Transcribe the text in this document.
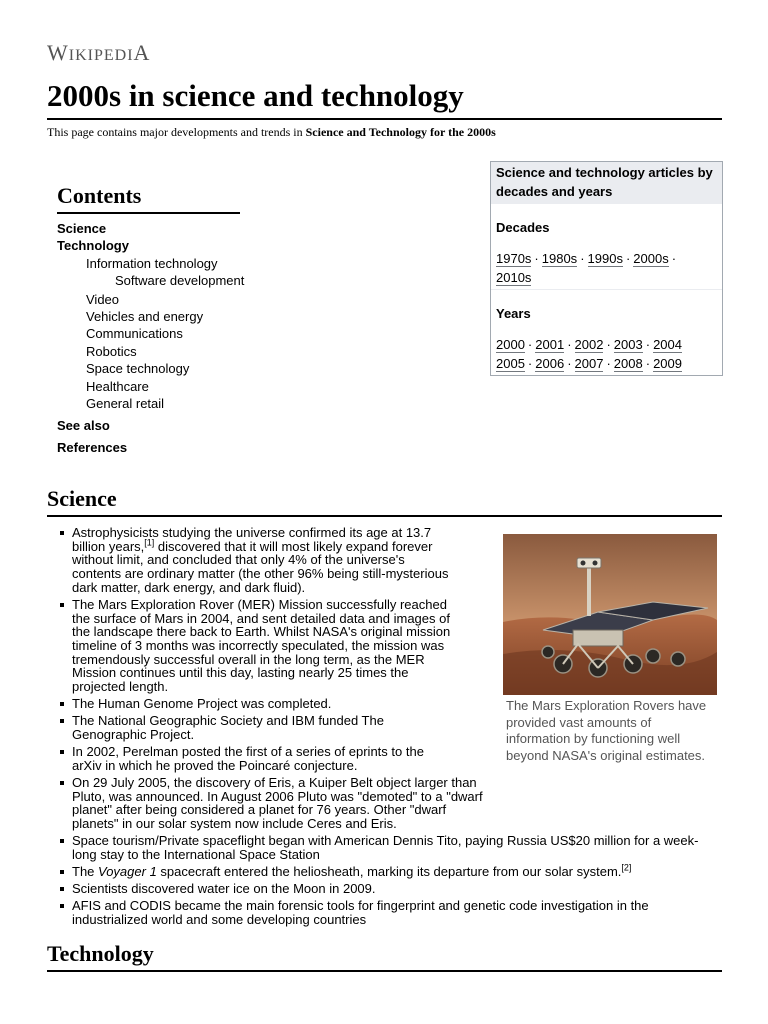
WIKIPEDIA
2000s in science and technology
This page contains major developments and trends in Science and Technology for the 2000s
Contents
Science
Technology
Information technology
Software development
Video
Vehicles and energy
Communications
Robotics
Space technology
Healthcare
General retail
See also
References
Science and technology articles by decades and years
Decades
1970s · 1980s · 1990s · 2000s ·
2010s
Years
2000 · 2001 · 2002 · 2003 · 2004
2005 · 2006 · 2007 · 2008 · 2009
Science
The Mars Exploration Rovers have provided vast amounts of information by functioning well beyond NASA's original estimates.
Astrophysicists studying the universe confirmed its age at 13.7 billion years,[1] discovered that it will most likely expand forever without limit, and concluded that only 4% of the universe's contents are ordinary matter (the other 96% being still-mysterious dark matter, dark energy, and dark fluid).
The Mars Exploration Rover (MER) Mission successfully reached the surface of Mars in 2004, and sent detailed data and images of the landscape there back to Earth. Whilst NASA's original mission timeline of 3 months was incorrectly speculated, the mission was tremendously successful overall in the long term, as the MER Mission continues until this day, lasting nearly 25 times the projected length.
The Human Genome Project was completed.
The National Geographic Society and IBM funded The Genographic Project.
In 2002, Perelman posted the first of a series of eprints to the arXiv in which he proved the Poincaré conjecture.
On 29 July 2005, the discovery of Eris, a Kuiper Belt object larger than Pluto, was announced. In August 2006 Pluto was "demoted" to a "dwarf planet" after being considered a planet for 76 years. Other "dwarf planets" in our solar system now include Ceres and Eris.
Space tourism/Private spaceflight began with American Dennis Tito, paying Russia US$20 million for a week-long stay to the International Space Station
The Voyager 1 spacecraft entered the heliosheath, marking its departure from our solar system.[2]
Scientists discovered water ice on the Moon in 2009.
AFIS and CODIS became the main forensic tools for fingerprint and genetic code investigation in the industrialized world and some developing countries
Technology
